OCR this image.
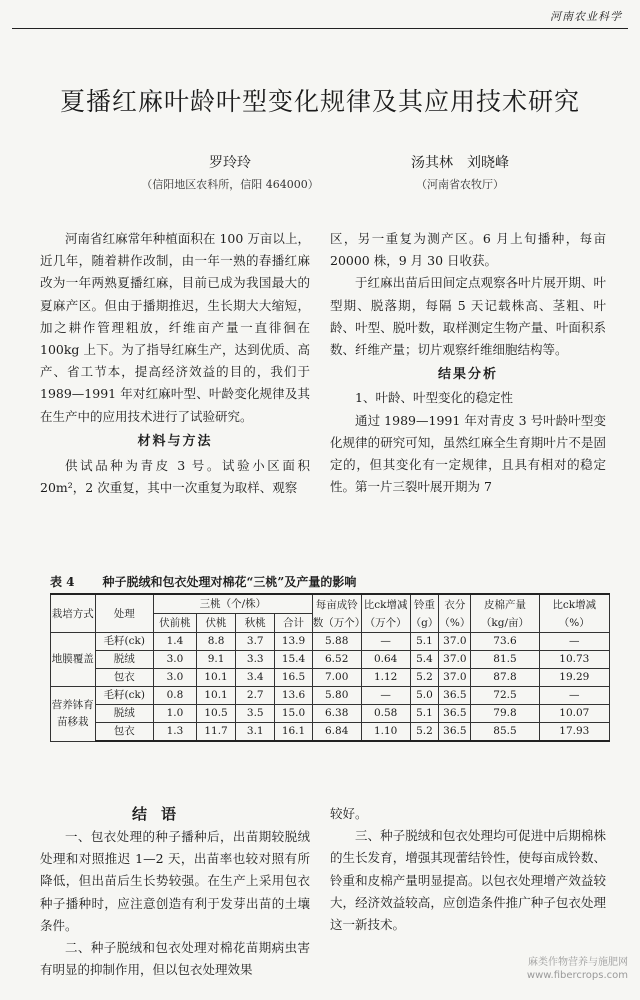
河南农业科学
夏播红麻叶龄叶型变化规律及其应用技术研究
罗玲玲
（信阳地区农科所，信阳 464000）
汤其林　刘晓峰
（河南省农牧厅）

河南省红麻常年种植面积在 100 万亩以上，近几年，随着耕作改制，由一年一熟的春播红麻改为一年两熟夏播红麻，目前已成为我国最大的夏麻产区。但由于播期推迟，生长期大大缩短，加之耕作管理粗放，纤维亩产量一直徘徊在 100kg 上下。为了指导红麻生产，达到优质、高产、省工节本，提高经济效益的目的，我们于 1989—1991 年对红麻叶型、叶龄变化规律及其在生产中的应用技术进行了试验研究。

材料与方法

供试品种为青皮 3 号。试验小区面积 20m²，2 次重复，其中一次重复为取样、观察

区，另一重复为测产区。6 月上旬播种，每亩 20000 株，9 月 30 日收获。

于红麻出苗后田间定点观察各叶片展开期、叶型期、脱落期，每隔 5 天记载株高、茎粗、叶龄、叶型、脱叶数，取样测定生物产量、叶面积系数、纤维产量；切片观察纤维细胞结构等。

结果分析
1、叶龄、叶型变化的稳定性

通过 1989—1991 年对青皮 3 号叶龄叶型变化规律的研究可知，虽然红麻全生育期叶片不是固定的，但其变化有一定规律，且具有相对的稳定性。第一片三裂叶展开期为 7

表 4 种子脱绒和包衣处理对棉花“三桃”及产量的影响
栽培方式	处理	三桃（个/株）				每亩成铃数（万个）	比ck增减（万个）	铃重（g）	衣分（%）	皮棉产量（kg/亩）	比ck增减（%）
		伏前桃	伏桃	秋桃	合计						
地膜覆盖	毛籽(ck)	1.4	8.8	3.7	13.9	5.88	—	5.1	37.0	73.6	—
	脱绒	3.0	9.1	3.3	15.4	6.52	0.64	5.4	37.0	81.5	10.73
	包衣	3.0	10.1	3.4	16.5	7.00	1.12	5.2	37.0	87.8	19.29
营养钵育苗移栽	毛籽(ck)	0.8	10.1	2.7	13.6	5.80	—	5.0	36.5	72.5	—
	脱绒	1.0	10.5	3.5	15.0	6.38	0.58	5.1	36.5	79.8	10.07
	包衣	1.3	11.7	3.1	16.1	6.84	1.10	5.2	36.5	85.5	17.93
结语

一、包衣处理的种子播种后，出苗期较脱绒处理和对照推迟 1—2 天，出苗率也较对照有所降低，但出苗后生长势较强。在生产上采用包衣种子播种时，应注意创造有利于发芽出苗的土壤条件。

二、种子脱绒和包衣处理对棉花苗期病虫害有明显的抑制作用，但以包衣处理效果

较好。

三、种子脱绒和包衣处理均可促进中后期棉株的生长发育，增强其现蕾结铃性，使每亩成铃数、铃重和皮棉产量明显提高。以包衣处理增产效益较大，经济效益较高，应创造条件推广种子包衣处理这一新技术。

麻类作物营养与施肥网
www.fibercrops.com
